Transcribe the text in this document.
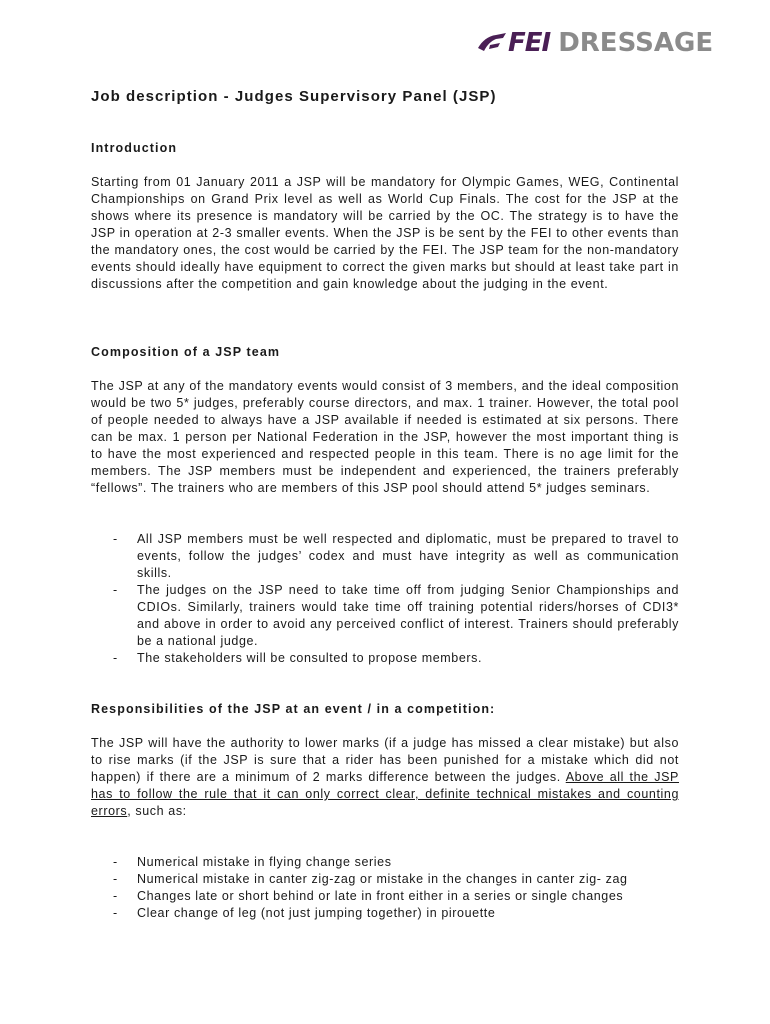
FEI DRESSAGE
Job description - Judges Supervisory Panel (JSP)
Introduction
Starting from 01 January 2011 a JSP will be mandatory for Olympic Games, WEG, Continental Championships on Grand Prix level as well as World Cup Finals. The cost for the JSP at the shows where its presence is mandatory will be carried by the OC. The strategy is to have the JSP in operation at 2-3 smaller events. When the JSP is be sent by the FEI to other events than the mandatory ones, the cost would be carried by the FEI. The JSP team for the non-mandatory events should ideally have equipment to correct the given marks but should at least take part in discussions after the competition and gain knowledge about the judging in the event.
Composition of a JSP team
The JSP at any of the mandatory events would consist of 3 members, and the ideal composition would be two 5* judges, preferably course directors, and max. 1 trainer. However, the total pool of people needed to always have a JSP available if needed is estimated at six persons. There can be max. 1 person per National Federation in the JSP, however the most important thing is to have the most experienced and respected people in this team. There is no age limit for the members. The JSP members must be independent and experienced, the trainers preferably “fellows”. The trainers who are members of this JSP pool should attend 5* judges seminars.
- All JSP members must be well respected and diplomatic, must be prepared to travel to events, follow the judges’ codex and must have integrity as well as communication skills.
- The judges on the JSP need to take time off from judging Senior Championships and CDIOs. Similarly, trainers would take time off training potential riders/horses of CDI3* and above in order to avoid any perceived conflict of interest. Trainers should preferably be a national judge.
- The stakeholders will be consulted to propose members.
Responsibilities of the JSP at an event / in a competition:
The JSP will have the authority to lower marks (if a judge has missed a clear mistake) but also to rise marks (if the JSP is sure that a rider has been punished for a mistake which did not happen) if there are a minimum of 2 marks difference between the judges. Above all the JSP has to follow the rule that it can only correct clear, definite technical mistakes and counting errors, such as:
- Numerical mistake in flying change series
- Numerical mistake in canter zig-zag or mistake in the changes in canter zig- zag
- Changes late or short behind or late in front either in a series or single changes
- Clear change of leg (not just jumping together) in pirouette
